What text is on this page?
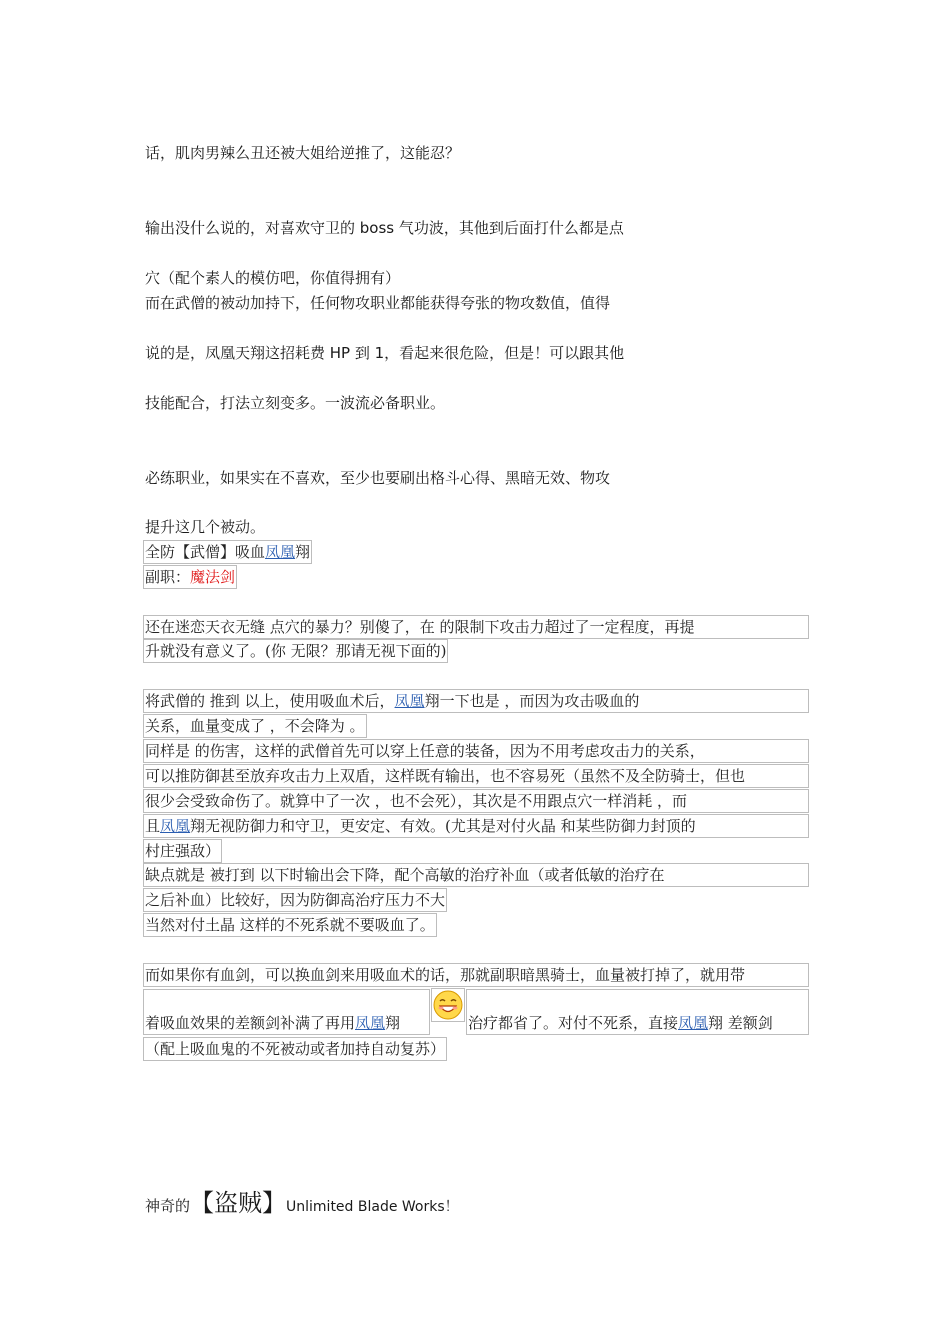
话，肌肉男辣么丑还被大姐给逆推了，这能忍？
输出没什么说的，对喜欢守卫的 boss 气功波，其他到后面打什么都是点
穴（配个素人的模仿吧，你值得拥有）
而在武僧的被动加持下，任何物攻职业都能获得夸张的物攻数值，值得
说的是，凤凰天翔这招耗费 HP 到 1，看起来很危险，但是！可以跟其他
技能配合，打法立刻变多。一波流必备职业。
必练职业，如果实在不喜欢，至少也要刷出格斗心得、黑暗无效、物攻
提升这几个被动。
全防【武僧】吸血凤凰翔
副职：魔法剑
还在迷恋天衣无缝 点穴的暴力？别傻了，在 的限制下攻击力超过了一定程度，再提
升就没有意义了。(你 无限？那请无视下面的)
将武僧的 推到 以上，使用吸血术后，凤凰翔一下也是 ，而因为攻击吸血的
关系，血量变成了 ，不会降为 。
同样是 的伤害，这样的武僧首先可以穿上任意的装备，因为不用考虑攻击力的关系，
可以推防御甚至放弃攻击力上双盾，这样既有输出，也不容易死（虽然不及全防骑士，但也
很少会受致命伤了。就算中了一次 ，也不会死），其次是不用跟点穴一样消耗 ，而
且凤凰翔无视防御力和守卫，更安定、有效。(尤其是对付火晶 和某些防御力封顶的
村庄强敌）
缺点就是 被打到 以下时输出会下降，配个高敏的治疗补血（或者低敏的治疗在
之后补血）比较好，因为防御高治疗压力不大
当然对付土晶 这样的不死系就不要吸血了。
而如果你有血剑，可以换血剑来用吸血术的话，那就副职暗黑骑士，血量被打掉了，就用带
着吸血效果的差额剑补满了再用凤凰翔	治疗都省了。对付不死系，直接凤凰翔 差额剑
（配上吸血鬼的不死被动或者加持自动复苏）
神奇的【盗贼】Unlimited Blade Works！
